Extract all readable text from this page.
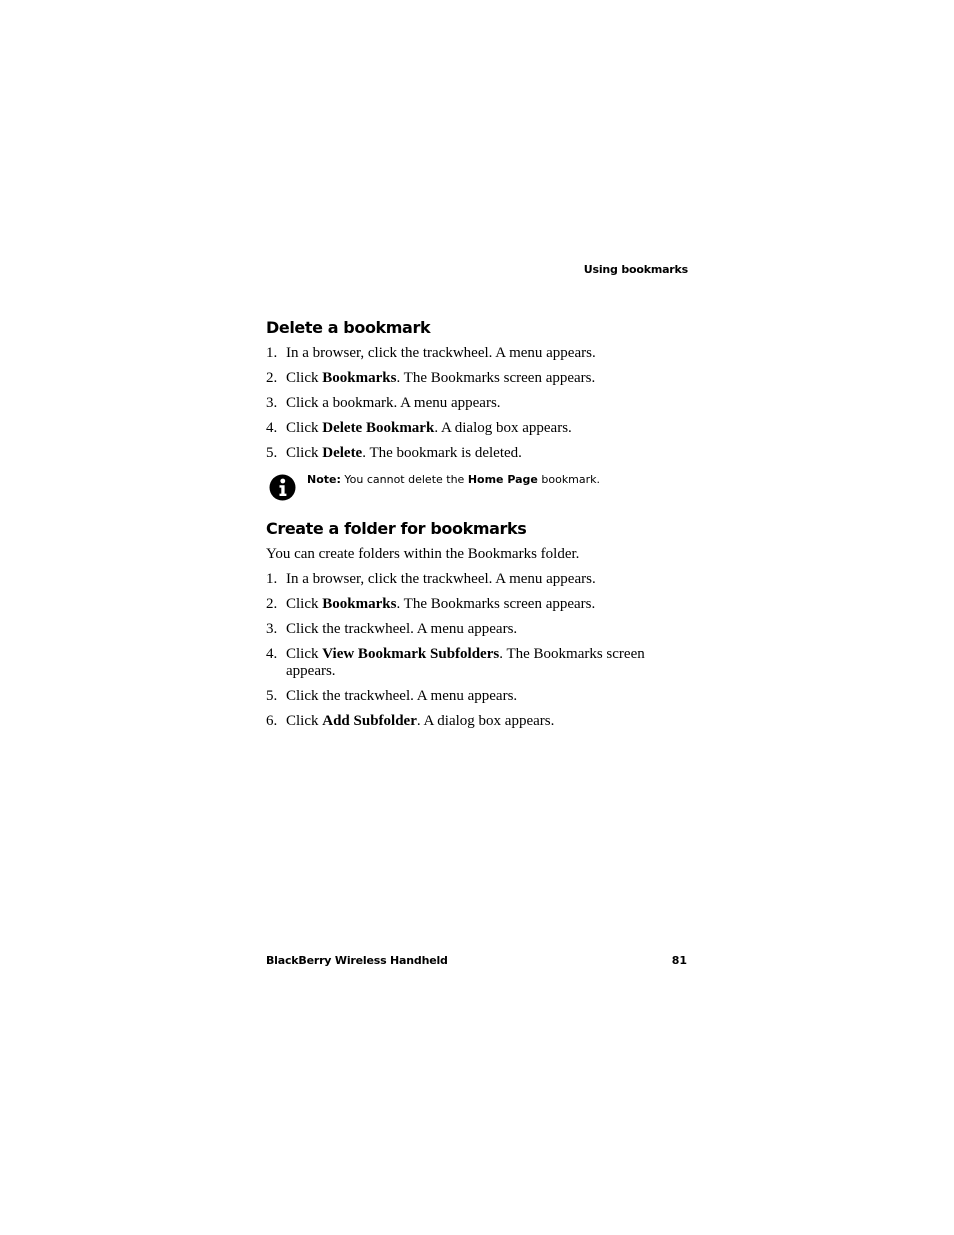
Using bookmarks
Delete a bookmark
1. In a browser, click the trackwheel. A menu appears.
2. Click Bookmarks. The Bookmarks screen appears.
3. Click a bookmark. A menu appears.
4. Click Delete Bookmark. A dialog box appears.
5. Click Delete. The bookmark is deleted.
Note: You cannot delete the Home Page bookmark.
Create a folder for bookmarks
You can create folders within the Bookmarks folder.
1. In a browser, click the trackwheel. A menu appears.
2. Click Bookmarks. The Bookmarks screen appears.
3. Click the trackwheel. A menu appears.
4. Click View Bookmark Subfolders. The Bookmarks screen
appears.
5. Click the trackwheel. A menu appears.
6. Click Add Subfolder. A dialog box appears.
BlackBerry Wireless Handheld	81
